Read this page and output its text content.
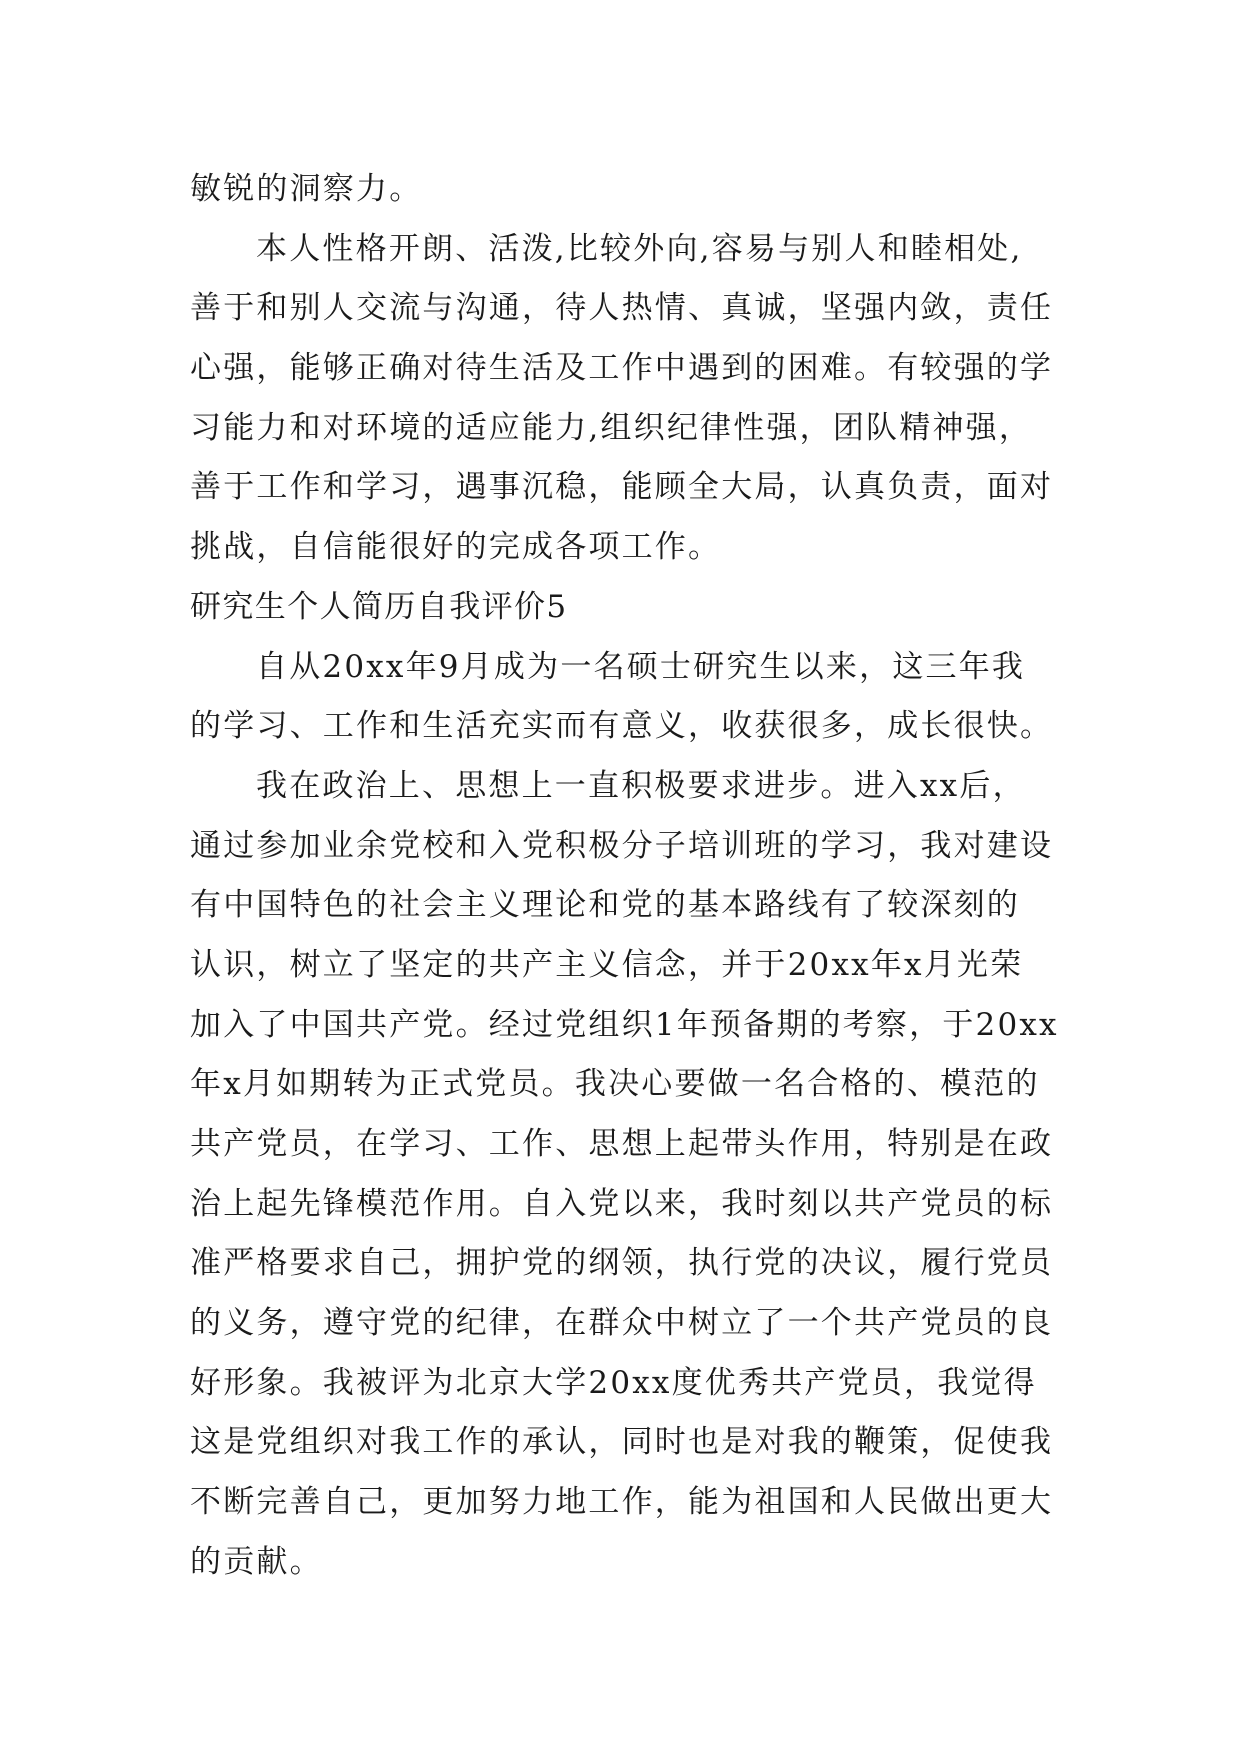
敏锐的洞察力。
本人性格开朗、活泼,比较外向,容易与别人和睦相处,
善于和别人交流与沟通，待人热情、真诚，坚强内敛，责任
心强，能够正确对待生活及工作中遇到的困难。有较强的学
习能力和对环境的适应能力,组织纪律性强，团队精神强，
善于工作和学习，遇事沉稳，能顾全大局，认真负责，面对
挑战，自信能很好的完成各项工作。
研究生个人简历自我评价5
自从20xx年9月成为一名硕士研究生以来，这三年我
的学习、工作和生活充实而有意义，收获很多，成长很快。
我在政治上、思想上一直积极要求进步。进入xx后，
通过参加业余党校和入党积极分子培训班的学习，我对建设
有中国特色的社会主义理论和党的基本路线有了较深刻的
认识，树立了坚定的共产主义信念，并于20xx年x月光荣
加入了中国共产党。经过党组织1年预备期的考察，于20xx
年x月如期转为正式党员。我决心要做一名合格的、模范的
共产党员，在学习、工作、思想上起带头作用，特别是在政
治上起先锋模范作用。自入党以来，我时刻以共产党员的标
准严格要求自己，拥护党的纲领，执行党的决议，履行党员
的义务，遵守党的纪律，在群众中树立了一个共产党员的良
好形象。我被评为北京大学20xx度优秀共产党员，我觉得
这是党组织对我工作的承认，同时也是对我的鞭策，促使我
不断完善自己，更加努力地工作，能为祖国和人民做出更大
的贡献。
